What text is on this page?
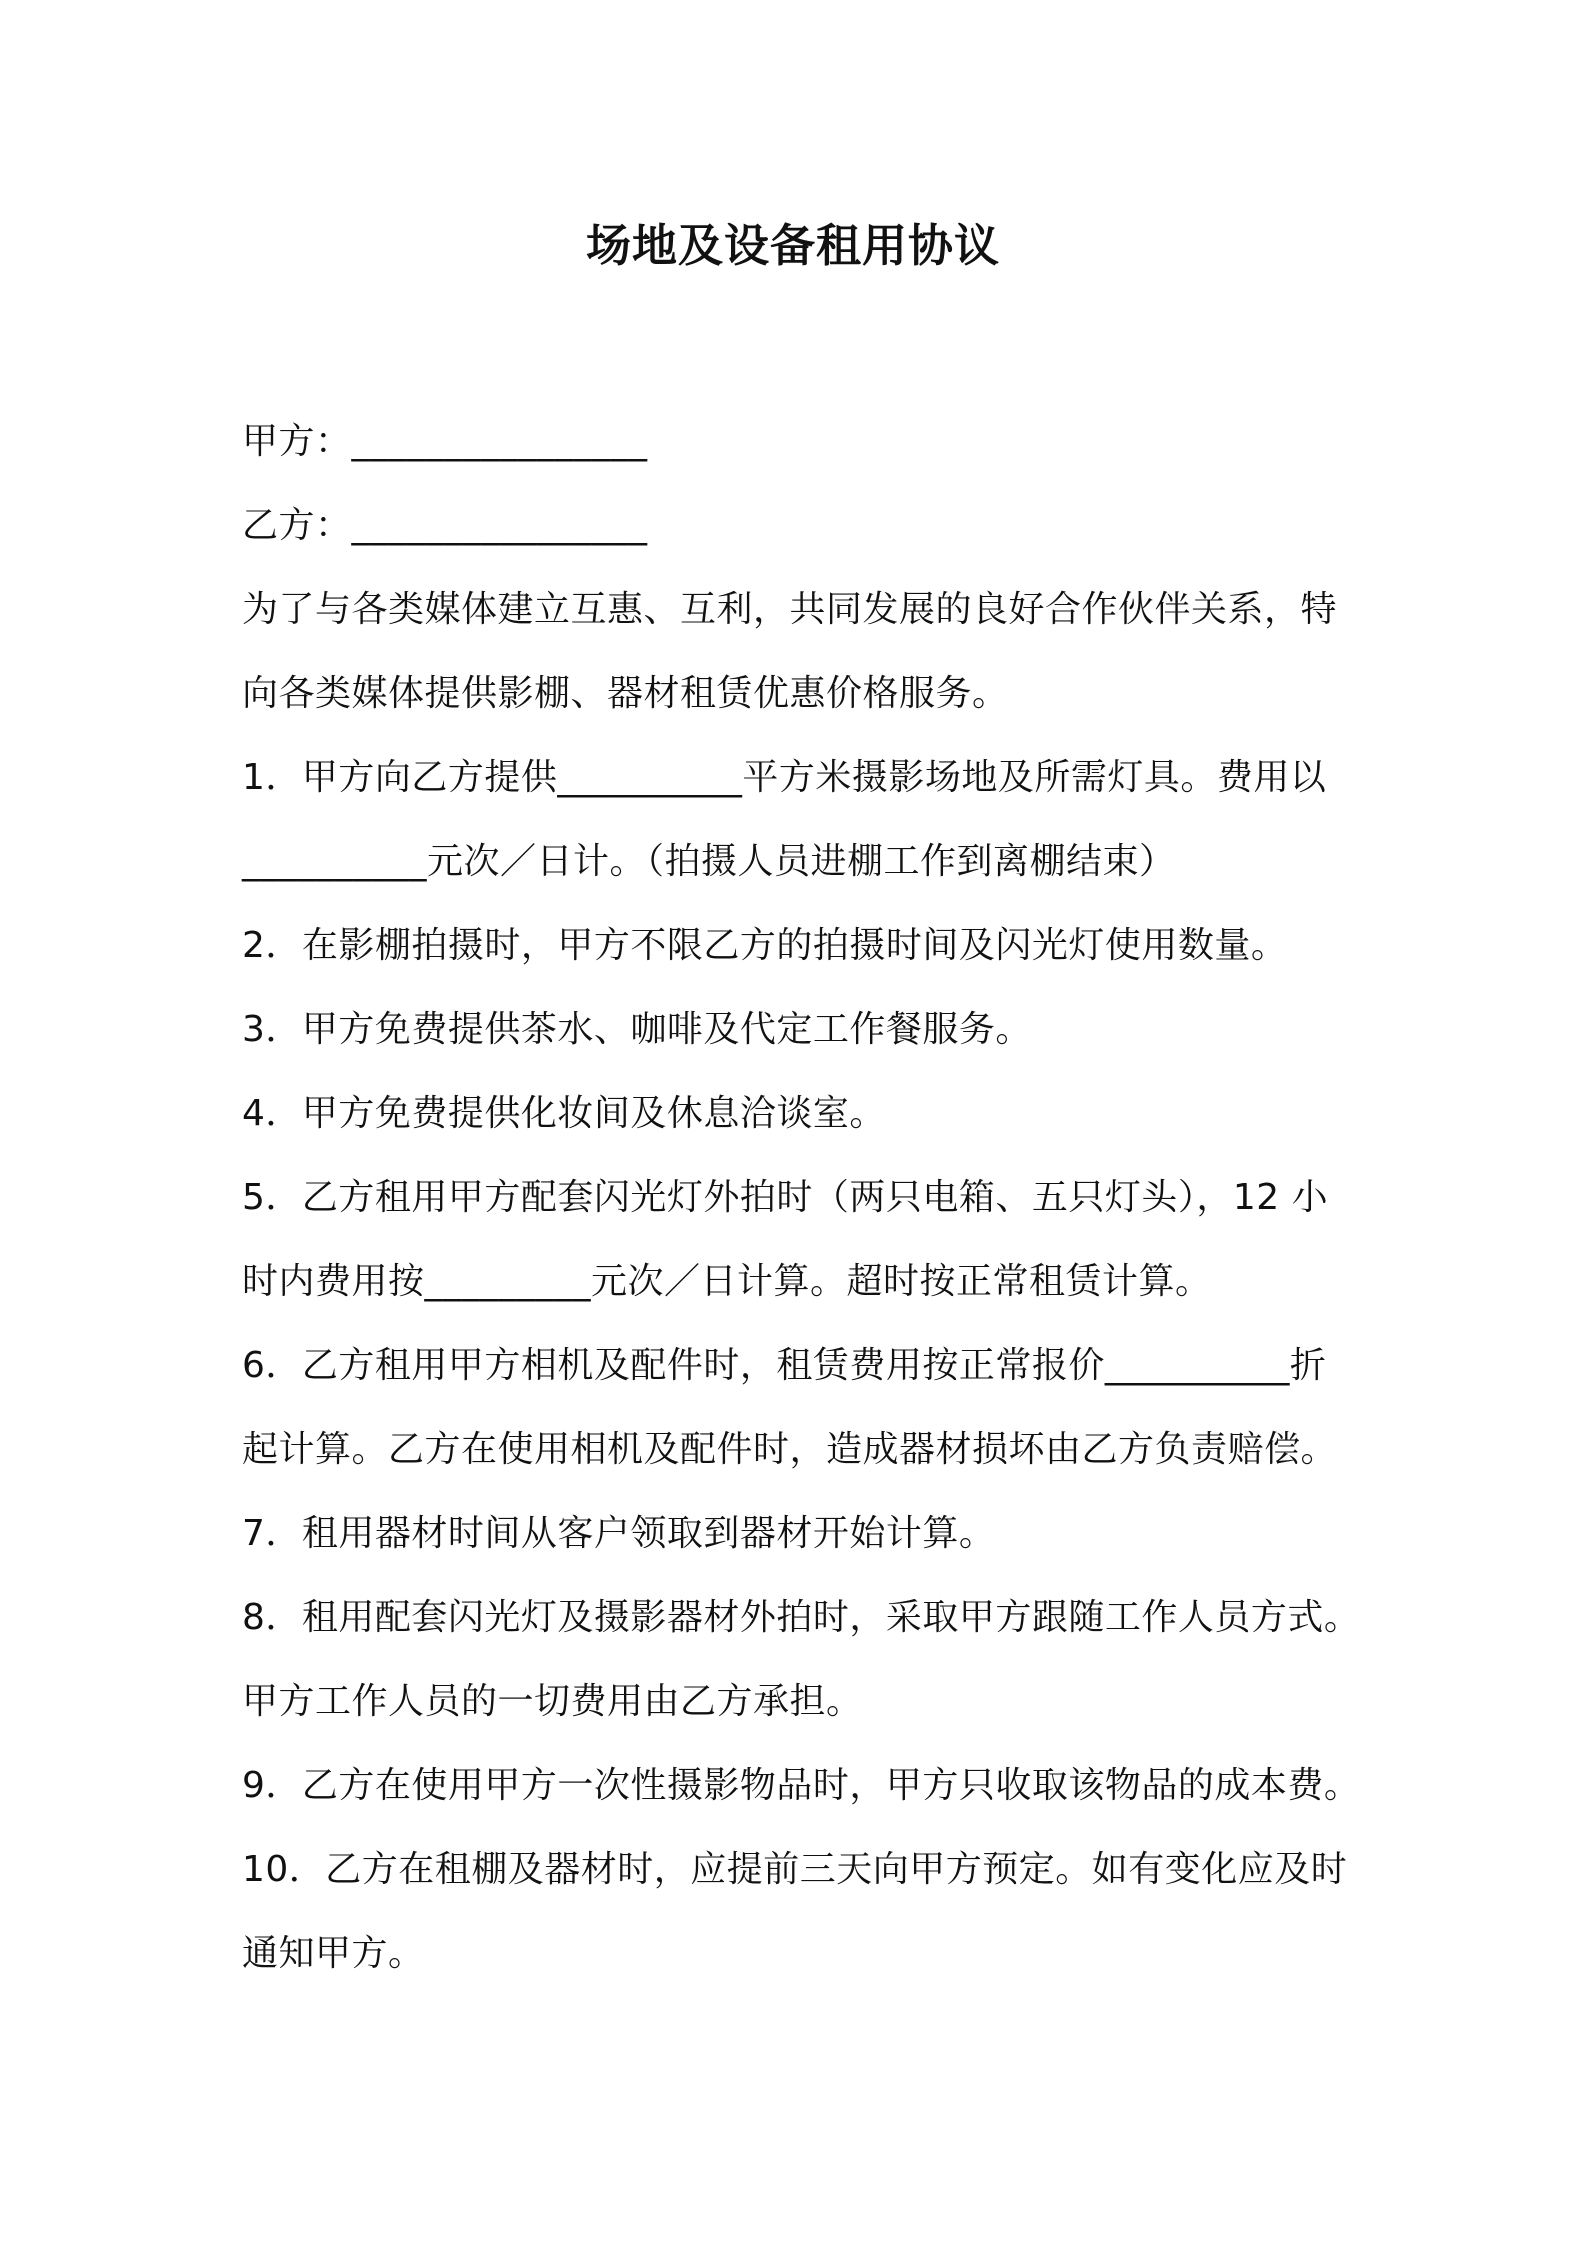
场地及设备租用协议
甲方：________________
乙方：________________
为了与各类媒体建立互惠、互利，共同发展的良好合作伙伴关系，特
向各类媒体提供影棚、器材租赁优惠价格服务。
1．甲方向乙方提供__________平方米摄影场地及所需灯具。费用以
__________元次／日计。（拍摄人员进棚工作到离棚结束）
2．在影棚拍摄时，甲方不限乙方的拍摄时间及闪光灯使用数量。
3．甲方免费提供茶水、咖啡及代定工作餐服务。
4．甲方免费提供化妆间及休息洽谈室。
5．乙方租用甲方配套闪光灯外拍时（两只电箱、五只灯头），12 小
时内费用按_________元次／日计算。超时按正常租赁计算。
6．乙方租用甲方相机及配件时，租赁费用按正常报价__________折
起计算。乙方在使用相机及配件时，造成器材损坏由乙方负责赔偿。
7．租用器材时间从客户领取到器材开始计算。
8．租用配套闪光灯及摄影器材外拍时，采取甲方跟随工作人员方式。
甲方工作人员的一切费用由乙方承担。
9．乙方在使用甲方一次性摄影物品时，甲方只收取该物品的成本费。
10．乙方在租棚及器材时，应提前三天向甲方预定。如有变化应及时
通知甲方。
